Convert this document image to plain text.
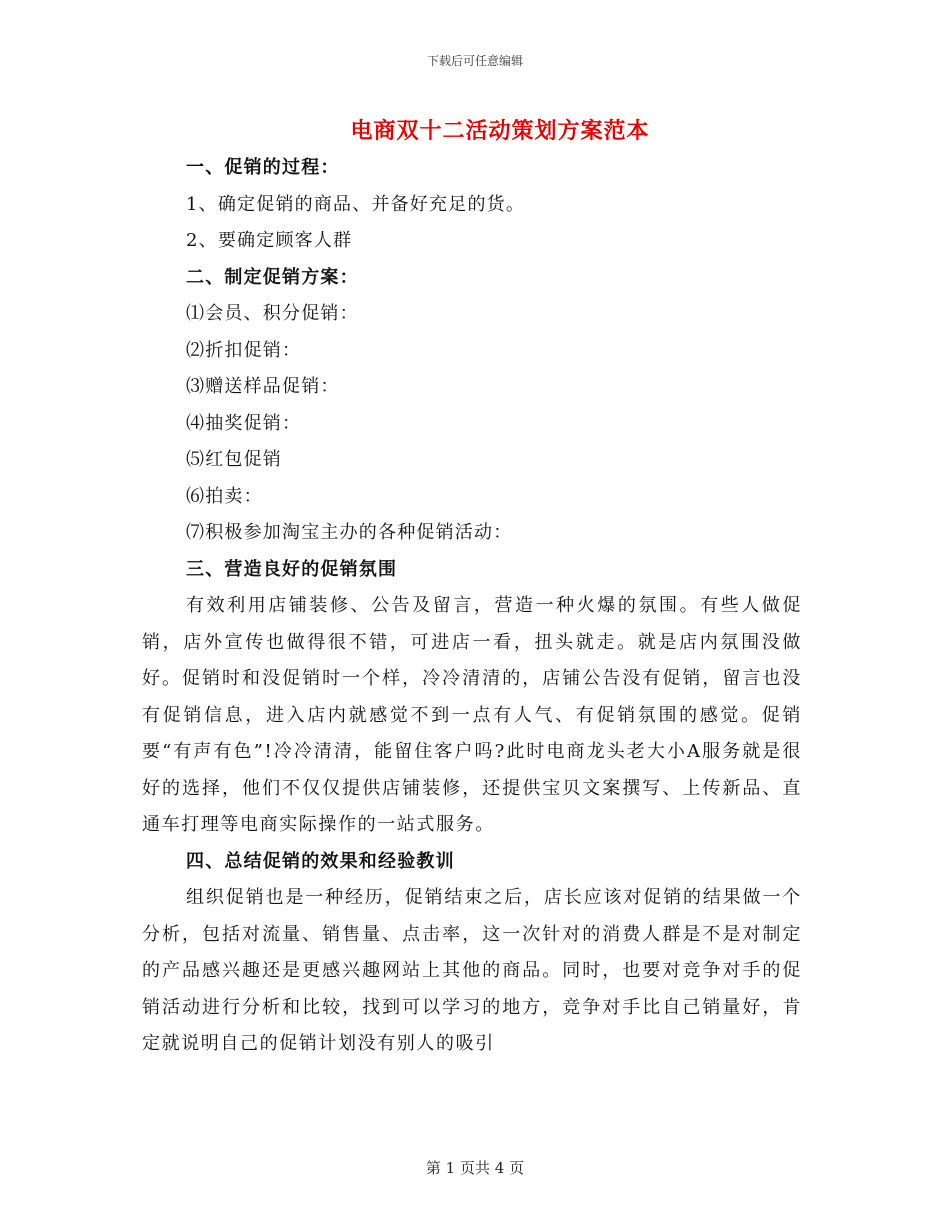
下载后可任意编辑
电商双十二活动策划方案范本

一、促销的过程：

1、确定促销的商品、并备好充足的货。

2、要确定顾客人群

二、制定促销方案：

⑴会员、积分促销：

⑵折扣促销：

⑶赠送样品促销：

⑷抽奖促销：

⑸红包促销

⑹拍卖：

⑺积极参加淘宝主办的各种促销活动：

三、营造良好的促销氛围

有效利用店铺装修、公告及留言，营造一种火爆的氛围。有些人做促销，店外宣传也做得很不错，可进店一看，扭头就走。就是店内氛围没做好。促销时和没促销时一个样，冷冷清清的，店铺公告没有促销，留言也没有促销信息，进入店内就感觉不到一点有人气、有促销氛围的感觉。促销要“有声有色”!冷冷清清，能留住客户吗?此时电商龙头老大小A服务就是很好的选择，他们不仅仅提供店铺装修，还提供宝贝文案撰写、上传新品、直通车打理等电商实际操作的一站式服务。

四、总结促销的效果和经验教训

组织促销也是一种经历，促销结束之后，店长应该对促销的结果做一个分析，包括对流量、销售量、点击率，这一次针对的消费人群是不是对制定的产品感兴趣还是更感兴趣网站上其他的商品。同时，也要对竞争对手的促销活动进行分析和比较，找到可以学习的地方，竞争对手比自己销量好，肯定就说明自己的促销计划没有别人的吸引

第 1 页共 4 页
